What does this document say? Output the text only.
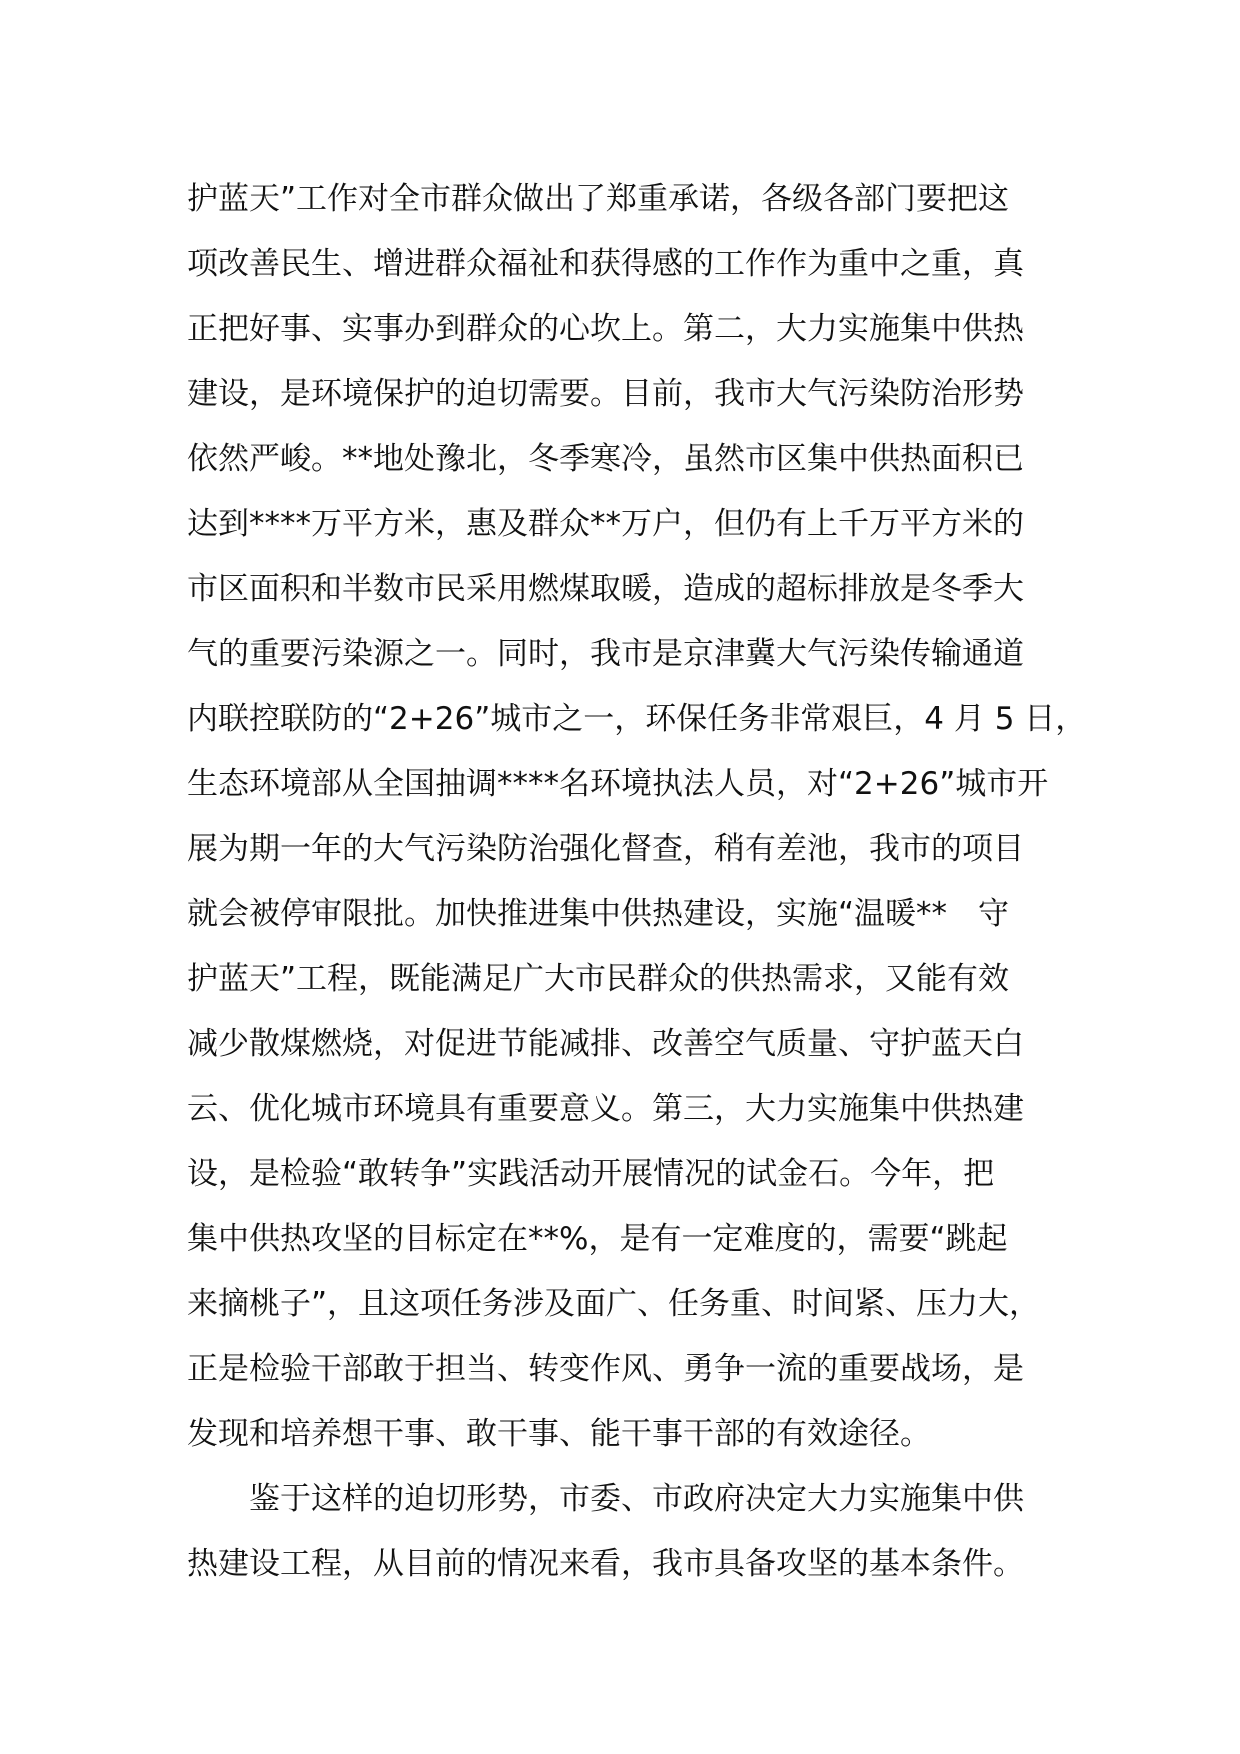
护蓝天”工作对全市群众做出了郑重承诺，各级各部门要把这
项改善民生、增进群众福祉和获得感的工作作为重中之重，真
正把好事、实事办到群众的心坎上。第二，大力实施集中供热
建设，是环境保护的迫切需要。目前，我市大气污染防治形势
依然严峻。**地处豫北，冬季寒冷，虽然市区集中供热面积已
达到****万平方米，惠及群众**万户，但仍有上千万平方米的
市区面积和半数市民采用燃煤取暖，造成的超标排放是冬季大
气的重要污染源之一。同时，我市是京津冀大气污染传输通道
内联控联防的“2+26”城市之一，环保任务非常艰巨，4 月 5 日，
生态环境部从全国抽调****名环境执法人员，对“2+26”城市开
展为期一年的大气污染防治强化督查，稍有差池，我市的项目
就会被停审限批。加快推进集中供热建设，实施“温暖**　守
护蓝天”工程，既能满足广大市民群众的供热需求，又能有效
减少散煤燃烧，对促进节能减排、改善空气质量、守护蓝天白
云、优化城市环境具有重要意义。第三，大力实施集中供热建
设，是检验“敢转争”实践活动开展情况的试金石。今年，把
集中供热攻坚的目标定在**%，是有一定难度的，需要“跳起
来摘桃子”，且这项任务涉及面广、任务重、时间紧、压力大，
正是检验干部敢于担当、转变作风、勇争一流的重要战场，是
发现和培养想干事、敢干事、能干事干部的有效途径。
鉴于这样的迫切形势，市委、市政府决定大力实施集中供
热建设工程，从目前的情况来看，我市具备攻坚的基本条件。
